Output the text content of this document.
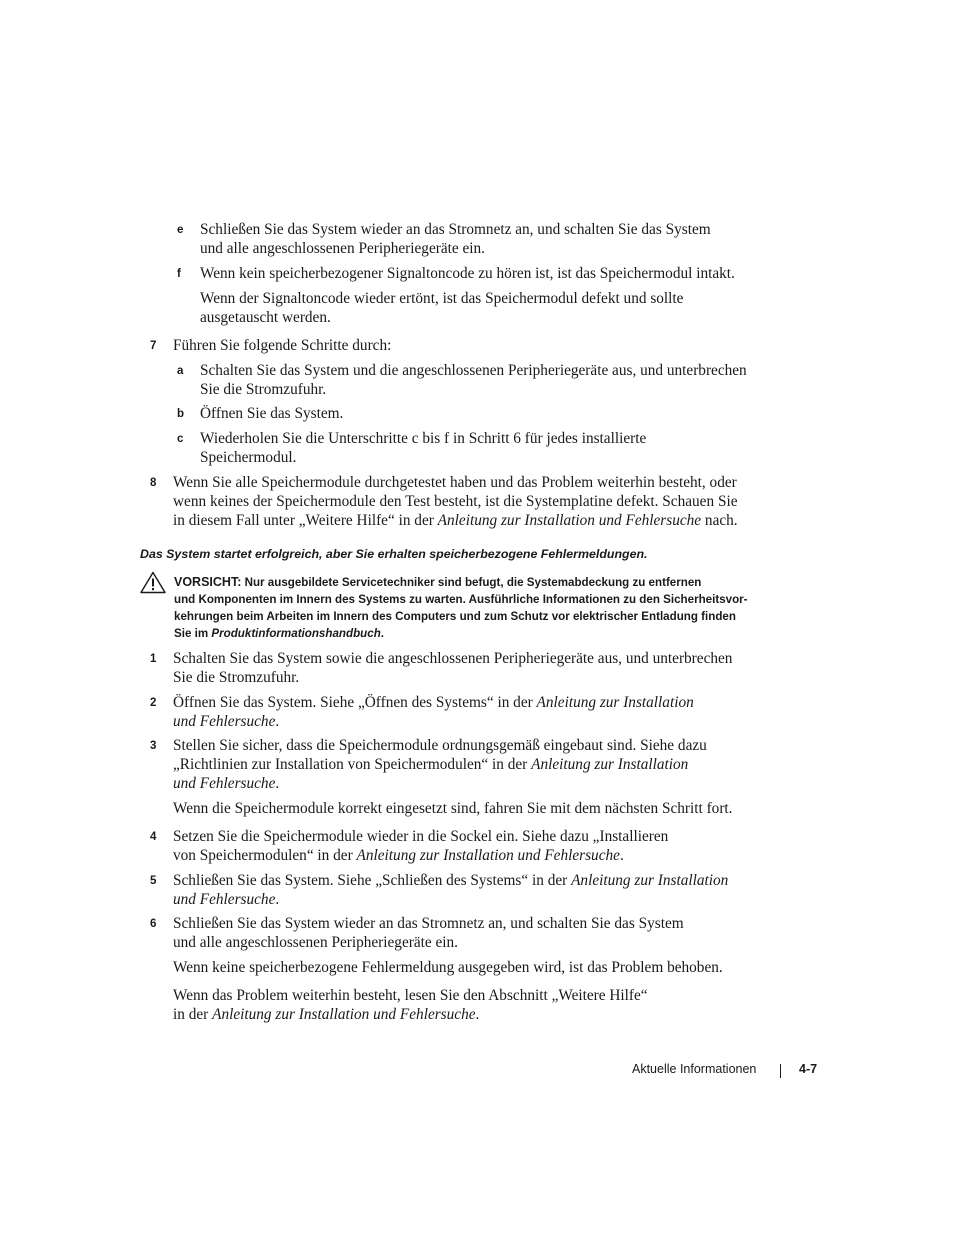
e Schließen Sie das System wieder an das Stromnetz an, und schalten Sie das System
und alle angeschlossenen Peripheriegeräte ein.
f Wenn kein speicherbezogener Signaltoncode zu hören ist, ist das Speichermodul intakt.
Wenn der Signaltoncode wieder ertönt, ist das Speichermodul defekt und sollte
ausgetauscht werden.
7 Führen Sie folgende Schritte durch:
a Schalten Sie das System und die angeschlossenen Peripheriegeräte aus, und unterbrechen
Sie die Stromzufuhr.
b Öffnen Sie das System.
c Wiederholen Sie die Unterschritte c bis f in Schritt 6 für jedes installierte
Speichermodul.
8 Wenn Sie alle Speichermodule durchgetestet haben und das Problem weiterhin besteht, oder
wenn keines der Speichermodule den Test besteht, ist die Systemplatine defekt. Schauen Sie
in diesem Fall unter „Weitere Hilfe“ in der Anleitung zur Installation und Fehlersuche nach.
Das System startet erfolgreich, aber Sie erhalten speicherbezogene Fehlermeldungen.
VORSICHT: Nur ausgebildete Servicetechniker sind befugt, die Systemabdeckung zu entfernen
und Komponenten im Innern des Systems zu warten. Ausführliche Informationen zu den Sicherheitsvor-
kehrungen beim Arbeiten im Innern des Computers und zum Schutz vor elektrischer Entladung finden
Sie im Produktinformationshandbuch.
1 Schalten Sie das System sowie die angeschlossenen Peripheriegeräte aus, und unterbrechen
Sie die Stromzufuhr.
2 Öffnen Sie das System. Siehe „Öffnen des Systems“ in der Anleitung zur Installation
und Fehlersuche.
3 Stellen Sie sicher, dass die Speichermodule ordnungsgemäß eingebaut sind. Siehe dazu
„Richtlinien zur Installation von Speichermodulen“ in der Anleitung zur Installation
und Fehlersuche.
Wenn die Speichermodule korrekt eingesetzt sind, fahren Sie mit dem nächsten Schritt fort.
4 Setzen Sie die Speichermodule wieder in die Sockel ein. Siehe dazu „Installieren
von Speichermodulen“ in der Anleitung zur Installation und Fehlersuche.
5 Schließen Sie das System. Siehe „Schließen des Systems“ in der Anleitung zur Installation
und Fehlersuche.
6 Schließen Sie das System wieder an das Stromnetz an, und schalten Sie das System
und alle angeschlossenen Peripheriegeräte ein.
Wenn keine speicherbezogene Fehlermeldung ausgegeben wird, ist das Problem behoben.
Wenn das Problem weiterhin besteht, lesen Sie den Abschnitt „Weitere Hilfe“
in der Anleitung zur Installation und Fehlersuche.
Aktuelle Informationen	4-7
